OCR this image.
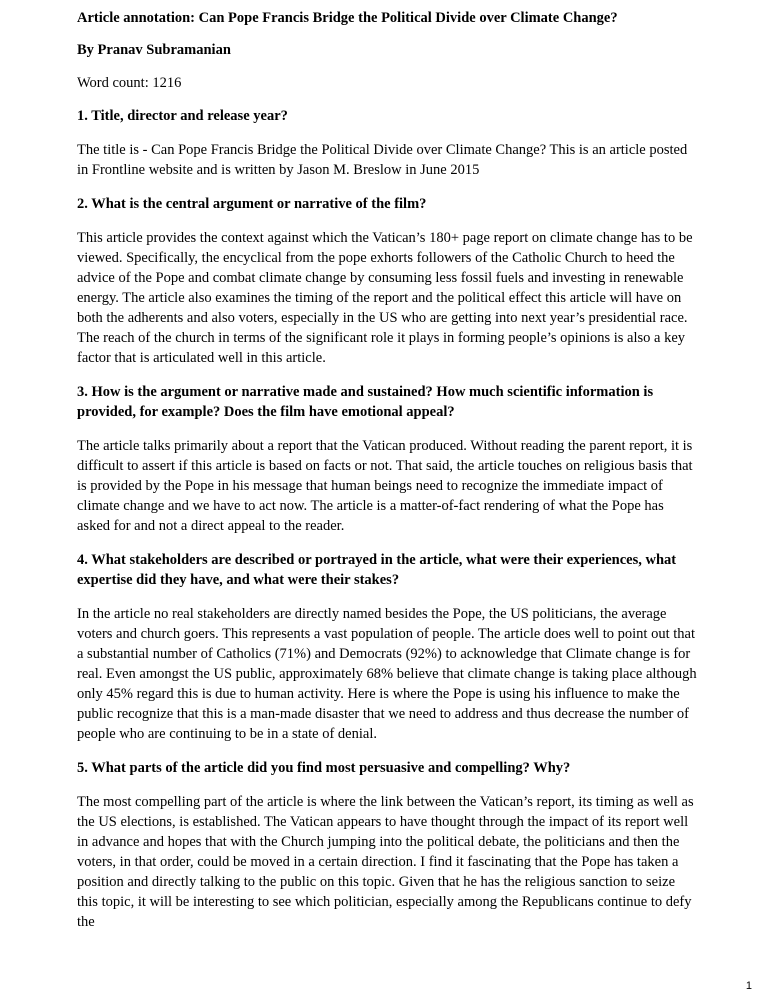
Article annotation: Can Pope Francis Bridge the Political Divide over Climate Change?

By Pranav Subramanian

Word count: 1216

1. Title, director and release year?

The title is - Can Pope Francis Bridge the Political Divide over Climate Change? This is an article posted in Frontline website and is written by Jason M. Breslow in June 2015

2. What is the central argument or narrative of the film?

This article provides the context against which the Vatican’s 180+ page report on climate change has to be viewed. Specifically, the encyclical from the pope exhorts followers of the Catholic Church to heed the advice of the Pope and combat climate change by consuming less fossil fuels and investing in renewable energy. The article also examines the timing of the report and the political effect this article will have on both the adherents and also voters, especially in the US who are getting into next year’s presidential race. The reach of the church in terms of the significant role it plays in forming people’s opinions is also a key factor that is articulated well in this article.

3. How is the argument or narrative made and sustained? How much scientific information is provided, for example? Does the film have emotional appeal?

The article talks primarily about a report that the Vatican produced. Without reading the parent report, it is difficult to assert if this article is based on facts or not. That said, the article touches on religious basis that is provided by the Pope in his message that human beings need to recognize the immediate impact of climate change and we have to act now. The article is a matter-of-fact rendering of what the Pope has asked for and not a direct appeal to the reader.

4. What stakeholders are described or portrayed in the article, what were their experiences, what expertise did they have, and what were their stakes?

In the article no real stakeholders are directly named besides the Pope, the US politicians, the average voters and church goers. This represents a vast population of people. The article does well to point out that a substantial number of Catholics (71%) and Democrats (92%) to acknowledge that Climate change is for real. Even amongst the US public, approximately 68% believe that climate change is taking place although only 45% regard this is due to human activity. Here is where the Pope is using his influence to make the public recognize that this is a man-made disaster that we need to address and thus decrease the number of people who are continuing to be in a state of denial.

5. What parts of the article did you find most persuasive and compelling? Why?

The most compelling part of the article is where the link between the Vatican’s report, its timing as well as the US elections, is established. The Vatican appears to have thought through the impact of its report well in advance and hopes that with the Church jumping into the political debate, the politicians and then the voters, in that order, could be moved in a certain direction. I find it fascinating that the Pope has taken a position and directly talking to the public on this topic. Given that he has the religious sanction to seize this topic, it will be interesting to see which politician, especially among the Republicans continue to defy the

1
